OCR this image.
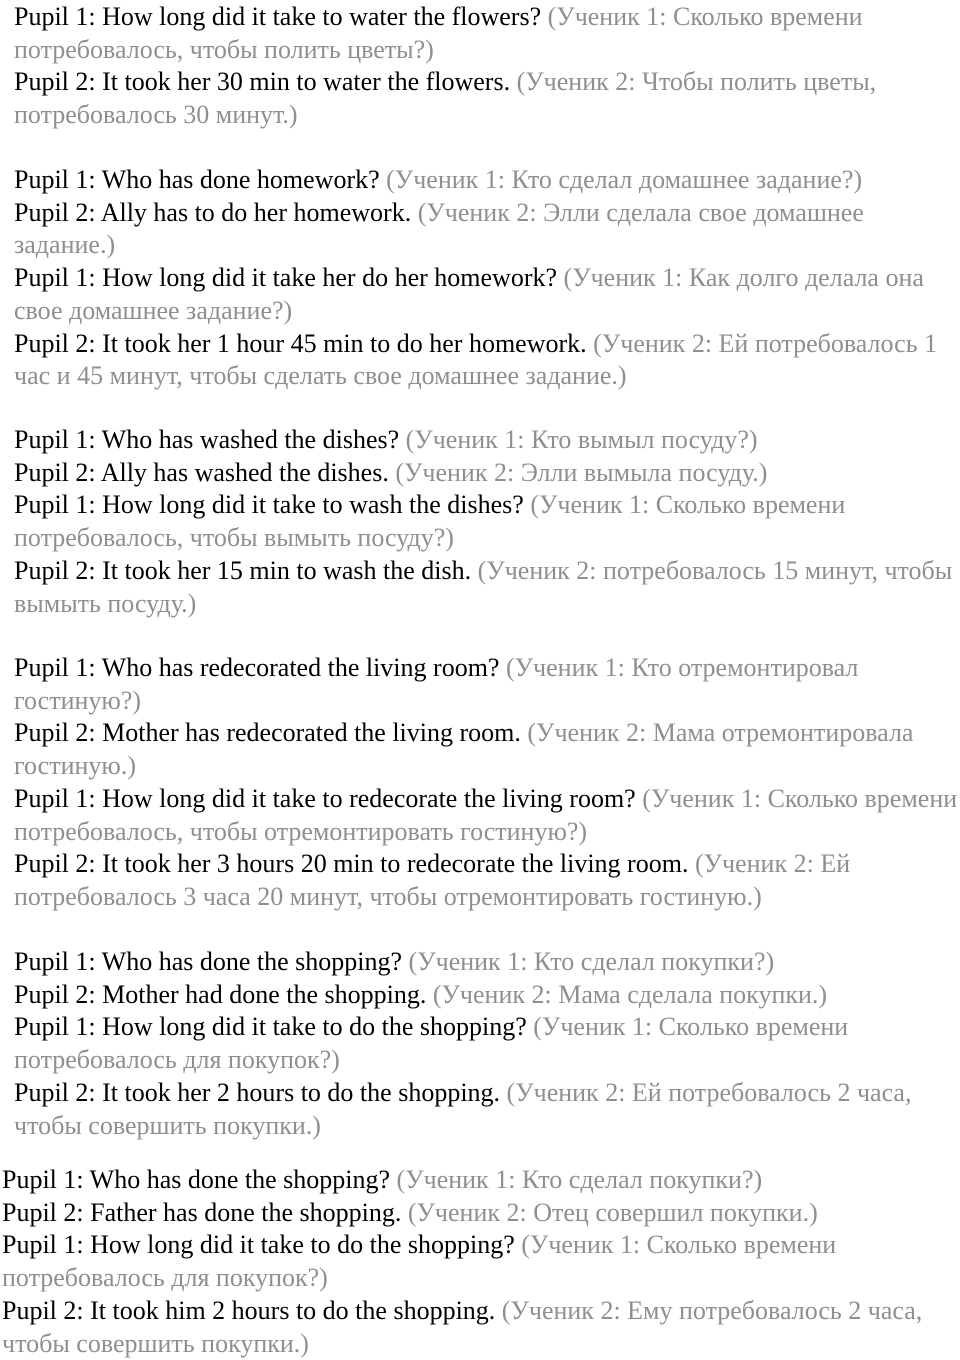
Pupil 1: How long did it take to water the flowers? (Ученик 1: Сколько времени потребовалось, чтобы полить цветы?)

Pupil 2: It took her 30 min to water the flowers. (Ученик 2: Чтобы полить цветы, потребовалось 30 минут.)

Pupil 1: Who has done homework? (Ученик 1: Кто сделал домашнее задание?)

Pupil 2: Ally has to do her homework. (Ученик 2: Элли сделала свое домашнее задание.)

Pupil 1: How long did it take her do her homework? (Ученик 1: Как долго делала она свое домашнее задание?)

Pupil 2: It took her 1 hour 45 min to do her homework. (Ученик 2: Ей потребовалось 1 час и 45 минут, чтобы сделать свое домашнее задание.)

Pupil 1: Who has washed the dishes? (Ученик 1: Кто вымыл посуду?)

Pupil 2: Ally has washed the dishes. (Ученик 2: Элли вымыла посуду.)

Pupil 1: How long did it take to wash the dishes? (Ученик 1: Сколько времени потребовалось, чтобы вымыть посуду?)

Pupil 2: It took her 15 min to wash the dish. (Ученик 2: потребовалось 15 минут, чтобы вымыть посуду.)

Pupil 1: Who has redecorated the living room? (Ученик 1: Кто отремонтировал гостиную?)

Pupil 2: Mother has redecorated the living room. (Ученик 2: Мама отремонтировала гостиную.)

Pupil 1: How long did it take to redecorate the living room? (Ученик 1: Сколько времени потребовалось, чтобы отремонтировать гостиную?)

Pupil 2: It took her 3 hours 20 min to redecorate the living room. (Ученик 2: Ей потребовалось 3 часа 20 минут, чтобы отремонтировать гостиную.)

Pupil 1: Who has done the shopping? (Ученик 1: Кто сделал покупки?)

Pupil 2: Mother had done the shopping. (Ученик 2: Мама сделала покупки.)

Pupil 1: How long did it take to do the shopping? (Ученик 1: Сколько времени потребовалось для покупок?)

Pupil 2: It took her 2 hours to do the shopping. (Ученик 2: Ей потребовалось 2 часа, чтобы совершить покупки.)

Pupil 1: Who has done the shopping? (Ученик 1: Кто сделал покупки?)

Pupil 2: Father has done the shopping. (Ученик 2: Отец совершил покупки.)

Pupil 1: How long did it take to do the shopping? (Ученик 1: Сколько времени потребовалось для покупок?)

Pupil 2: It took him 2 hours to do the shopping. (Ученик 2: Ему потребовалось 2 часа, чтобы совершить покупки.)
